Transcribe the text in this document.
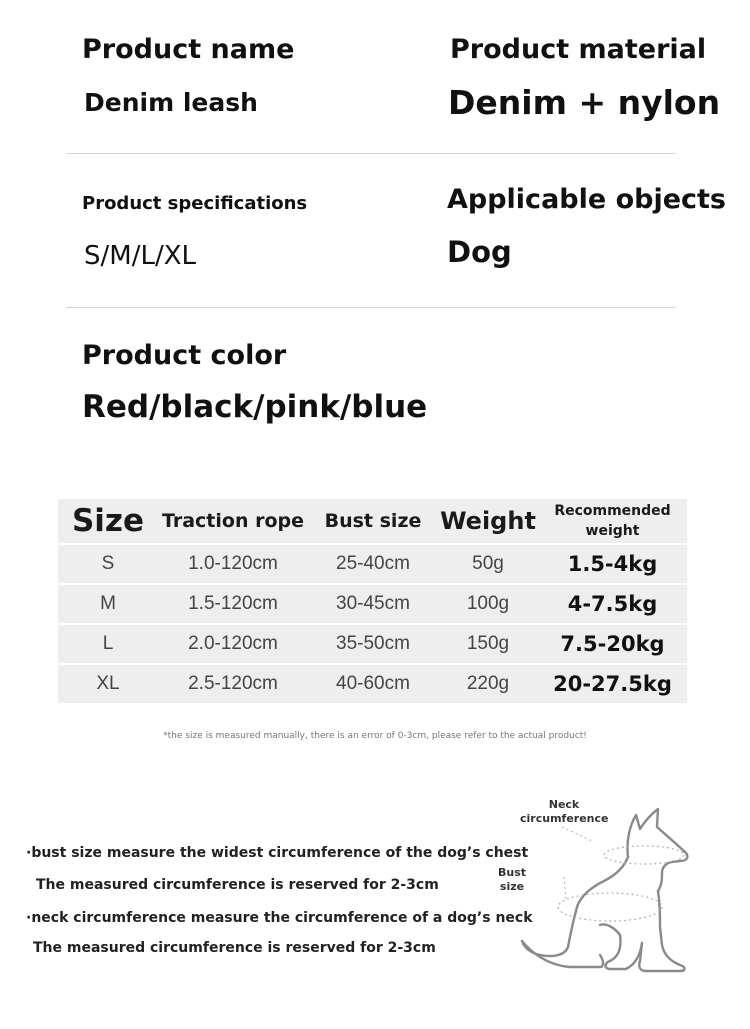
Product name
Denim leash
Product material
Denim + nylon
Product specifications
S/M/L/XL
Applicable objects
Dog
Product color
Red/black/pink/blue
Size	Traction rope	Bust size	Weight	Recommended weight
S	1.0-120cm	25-40cm	50g	1.5-4kg
M	1.5-120cm	30-45cm	100g	4-7.5kg
L	2.0-120cm	35-50cm	150g	7.5-20kg
XL	2.5-120cm	40-60cm	220g	20-27.5kg
*the size is measured manually, there is an error of 0-3cm, please refer to the actual product!
·bust size measure the widest circumference of the dog’s chest
The measured circumference is reserved for 2-3cm
·neck circumference measure the circumference of a dog’s neck
The measured circumference is reserved for 2-3cm
Neck circumference
Bust size
